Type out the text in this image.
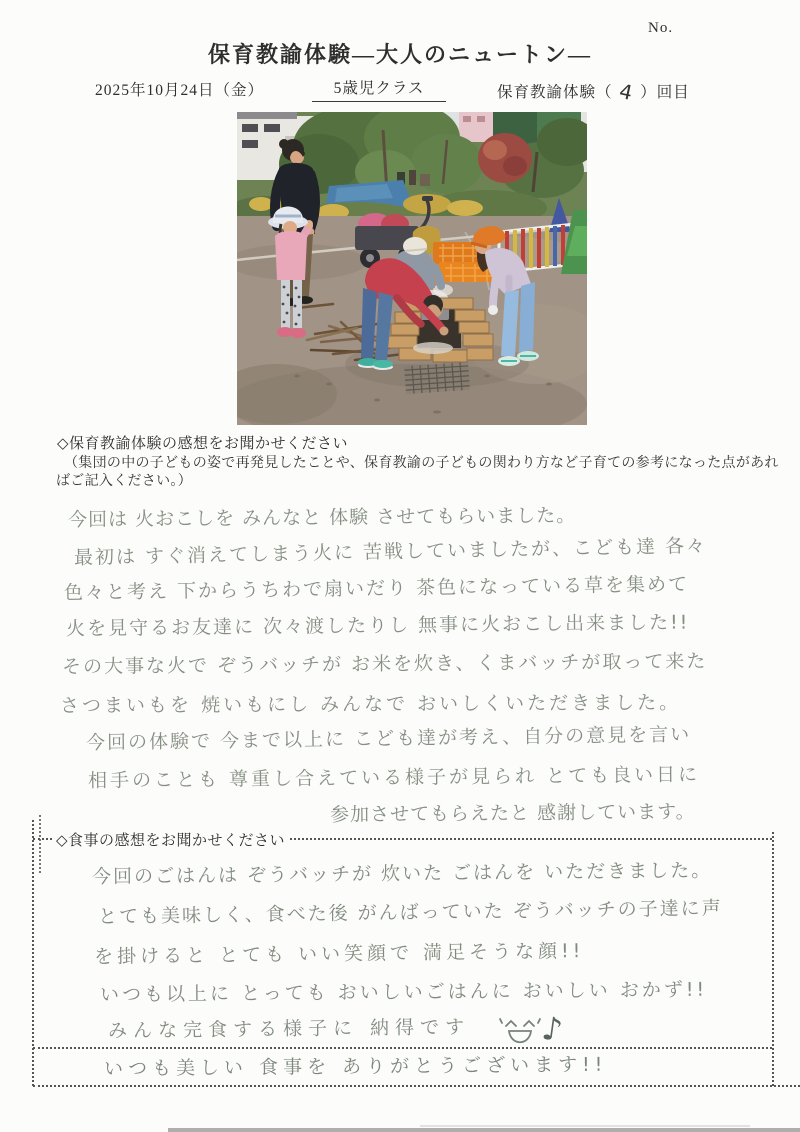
No.
保育教諭体験―大人のニュートン―
2025年10月24日（金）	5歳児クラス	保育教諭体験（ 4 ）回目
◇保育教諭体験の感想をお聞かせください
（集団の中の子どもの姿で再発見したことや、保育教諭の子どもの関わり方など子育ての参考になった点があれ
ばご記入ください。）
今回は 火おこしを みんなと 体験 させてもらいました。
最初は すぐ消えてしまう火に 苦戦していましたが、こども達 各々
色々と考え 下からうちわで扇いだり 茶色になっている草を集めて
火を見守るお友達に 次々渡したりし 無事に火おこし出来ました!!
その大事な火で ぞうバッチが お米を炊き、くまバッチが取って来た
さつまいもを 焼いもにし みんなで おいしくいただきました。
今回の体験で 今まで以上に こども達が考え、自分の意見を言い
相手のことも 尊重し合えている様子が見られ とても良い日に
参加させてもらえたと 感謝しています。
◇食事の感想をお聞かせください
今回のごはんは ぞうバッチが 炊いた ごはんを いただきました。
とても美味しく、食べた後 がんばっていた ぞうバッチの子達に声
を掛けると とても いい笑顔で 満足そうな顔!!
いつも以上に とっても おいしいごはんに おいしい おかず!!
みんな完食する様子に 納得です ♪
いつも美しい 食事を ありがとうございます!!
